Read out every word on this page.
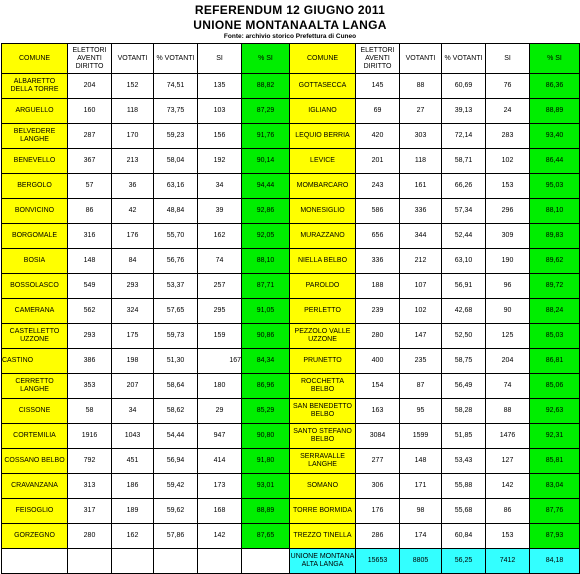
REFERENDUM 12 GIUGNO 2011
UNIONE MONTANAALTA LANGA
Fonte: archivio storico Prefettura di Cuneo
COMUNE	ELETTORI AVENTI DIRITTO	VOTANTI	% VOTANTI	SI	% SI	COMUNE	ELETTORI AVENTI DIRITTO	VOTANTI	% VOTANTI	SI	% SI
ALBARETTO DELLA TORRE	204	152	74,51	135	88,82	GOTTASECCA	145	88	60,69	76	86,36
ARGUELLO	160	118	73,75	103	87,29	IGLIANO	69	27	39,13	24	88,89
BELVEDERE LANGHE	287	170	59,23	156	91,76	LEQUIO BERRIA	420	303	72,14	283	93,40
BENEVELLO	367	213	58,04	192	90,14	LEVICE	201	118	58,71	102	86,44
BERGOLO	57	36	63,16	34	94,44	MOMBARCARO	243	161	66,26	153	95,03
BONVICINO	86	42	48,84	39	92,86	MONESIGLIO	586	336	57,34	296	88,10
BORGOMALE	316	176	55,70	162	92,05	MURAZZANO	656	344	52,44	309	89,83
BOSIA	148	84	56,76	74	88,10	NIELLA BELBO	336	212	63,10	190	89,62
BOSSOLASCO	549	293	53,37	257	87,71	PAROLDO	188	107	56,91	96	89,72
CAMERANA	562	324	57,65	295	91,05	PERLETTO	239	102	42,68	90	88,24
CASTELLETTO UZZONE	293	175	59,73	159	90,86	PEZZOLO VALLE UZZONE	280	147	52,50	125	85,03
CASTINO	386	198	51,30	167	84,34	PRUNETTO	400	235	58,75	204	86,81
CERRETTO LANGHE	353	207	58,64	180	86,96	ROCCHETTA BELBO	154	87	56,49	74	85,06
CISSONE	58	34	58,62	29	85,29	SAN BENEDETTO BELBO	163	95	58,28	88	92,63
CORTEMILIA	1916	1043	54,44	947	90,80	SANTO STEFANO BELBO	3084	1599	51,85	1476	92,31
COSSANO BELBO	792	451	56,94	414	91,80	SERRAVALLE LANGHE	277	148	53,43	127	85,81
CRAVANZANA	313	186	59,42	173	93,01	SOMANO	306	171	55,88	142	83,04
FEISOGLIO	317	189	59,62	168	88,89	TORRE BORMIDA	176	98	55,68	86	87,76
GORZEGNO	280	162	57,86	142	87,65	TREZZO TINELLA	286	174	60,84	153	87,93
						UNIONE MONTANA ALTA LANGA	15653	8805	56,25	7412	84,18
